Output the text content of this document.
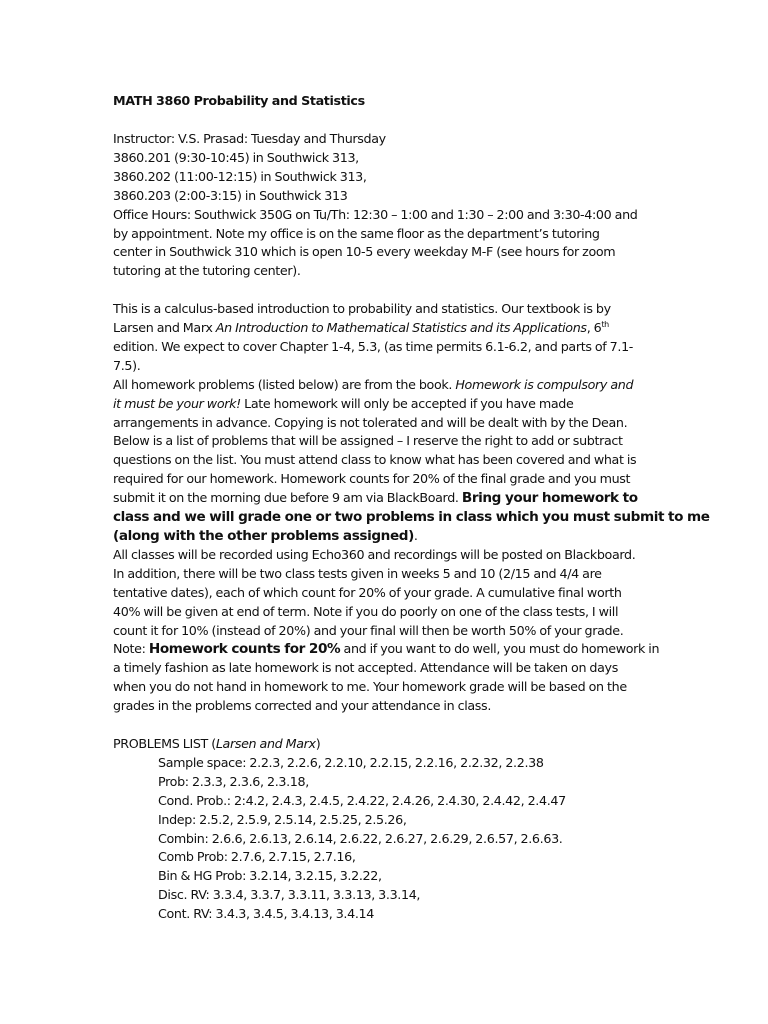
MATH 3860 Probability and Statistics
Instructor: V.S. Prasad: Tuesday and Thursday
3860.201 (9:30-10:45) in Southwick 313,
3860.202 (11:00-12:15) in Southwick 313,
3860.203 (2:00-3:15) in Southwick 313
Office Hours: Southwick 350G on Tu/Th: 12:30 – 1:00 and 1:30 – 2:00 and 3:30-4:00 and
by appointment. Note my office is on the same floor as the department’s tutoring
center in Southwick 310 which is open 10-5 every weekday M-F (see hours for zoom
tutoring at the tutoring center).
This is a calculus-based introduction to probability and statistics. Our textbook is by
Larsen and Marx An Introduction to Mathematical Statistics and its Applications, 6th
edition. We expect to cover Chapter 1-4, 5.3, (as time permits 6.1-6.2, and parts of 7.1-
7.5).
All homework problems (listed below) are from the book. Homework is compulsory and
it must be your work! Late homework will only be accepted if you have made
arrangements in advance. Copying is not tolerated and will be dealt with by the Dean.
Below is a list of problems that will be assigned – I reserve the right to add or subtract
questions on the list. You must attend class to know what has been covered and what is
required for our homework. Homework counts for 20% of the final grade and you must
submit it on the morning due before 9 am via BlackBoard. Bring your homework to
class and we will grade one or two problems in class which you must submit to me
(along with the other problems assigned).
All classes will be recorded using Echo360 and recordings will be posted on Blackboard.
In addition, there will be two class tests given in weeks 5 and 10 (2/15 and 4/4 are
tentative dates), each of which count for 20% of your grade. A cumulative final worth
40% will be given at end of term. Note if you do poorly on one of the class tests, I will
count it for 10% (instead of 20%) and your final will then be worth 50% of your grade.
Note: Homework counts for 20% and if you want to do well, you must do homework in
a timely fashion as late homework is not accepted. Attendance will be taken on days
when you do not hand in homework to me. Your homework grade will be based on the
grades in the problems corrected and your attendance in class.
PROBLEMS LIST (Larsen and Marx)
Sample space: 2.2.3, 2.2.6, 2.2.10, 2.2.15, 2.2.16, 2.2.32, 2.2.38
Prob: 2.3.3, 2.3.6, 2.3.18,
Cond. Prob.: 2:4.2, 2.4.3, 2.4.5, 2.4.22, 2.4.26, 2.4.30, 2.4.42, 2.4.47
Indep: 2.5.2, 2.5.9, 2.5.14, 2.5.25, 2.5.26,
Combin: 2.6.6, 2.6.13, 2.6.14, 2.6.22, 2.6.27, 2.6.29, 2.6.57, 2.6.63.
Comb Prob: 2.7.6, 2.7.15, 2.7.16,
Bin & HG Prob: 3.2.14, 3.2.15, 3.2.22,
Disc. RV: 3.3.4, 3.3.7, 3.3.11, 3.3.13, 3.3.14,
Cont. RV: 3.4.3, 3.4.5, 3.4.13, 3.4.14
